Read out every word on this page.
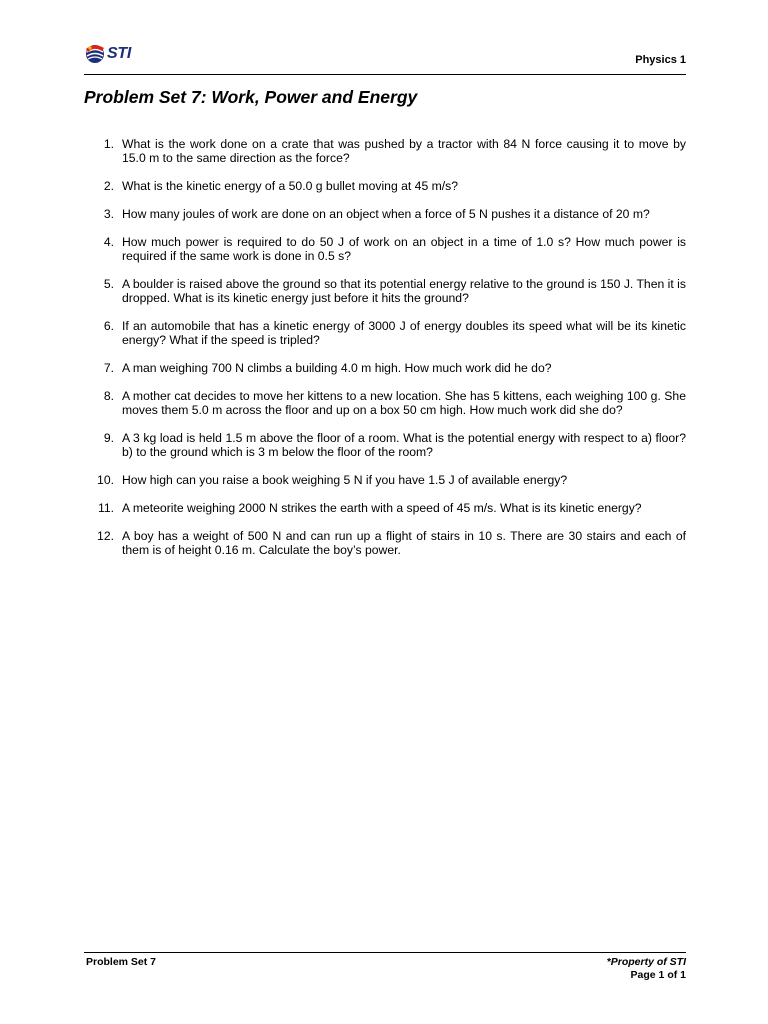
STI	Physics 1
Problem Set 7: Work, Power and Energy
1. What is the work done on a crate that was pushed by a tractor with 84 N force causing it to move by 15.0 m to the same direction as the force?
2. What is the kinetic energy of a 50.0 g bullet moving at 45 m/s?
3. How many joules of work are done on an object when a force of 5 N pushes it a distance of 20 m?
4. How much power is required to do 50 J of work on an object in a time of 1.0 s? How much power is required if the same work is done in 0.5 s?
5. A boulder is raised above the ground so that its potential energy relative to the ground is 150 J. Then it is dropped. What is its kinetic energy just before it hits the ground?
6. If an automobile that has a kinetic energy of 3000 J of energy doubles its speed what will be its kinetic energy? What if the speed is tripled?
7. A man weighing 700 N climbs a building 4.0 m high. How much work did he do?
8. A mother cat decides to move her kittens to a new location. She has 5 kittens, each weighing 100 g. She moves them 5.0 m across the floor and up on a box 50 cm high. How much work did she do?
9. A 3 kg load is held 1.5 m above the floor of a room. What is the potential energy with respect to a) floor? b) to the ground which is 3 m below the floor of the room?
10. How high can you raise a book weighing 5 N if you have 1.5 J of available energy?
11. A meteorite weighing 2000 N strikes the earth with a speed of 45 m/s. What is its kinetic energy?
12. A boy has a weight of 500 N and can run up a flight of stairs in 10 s. There are 30 stairs and each of them is of height 0.16 m. Calculate the boy’s power.
Problem Set 7	*Property of STI
Page 1 of 1
